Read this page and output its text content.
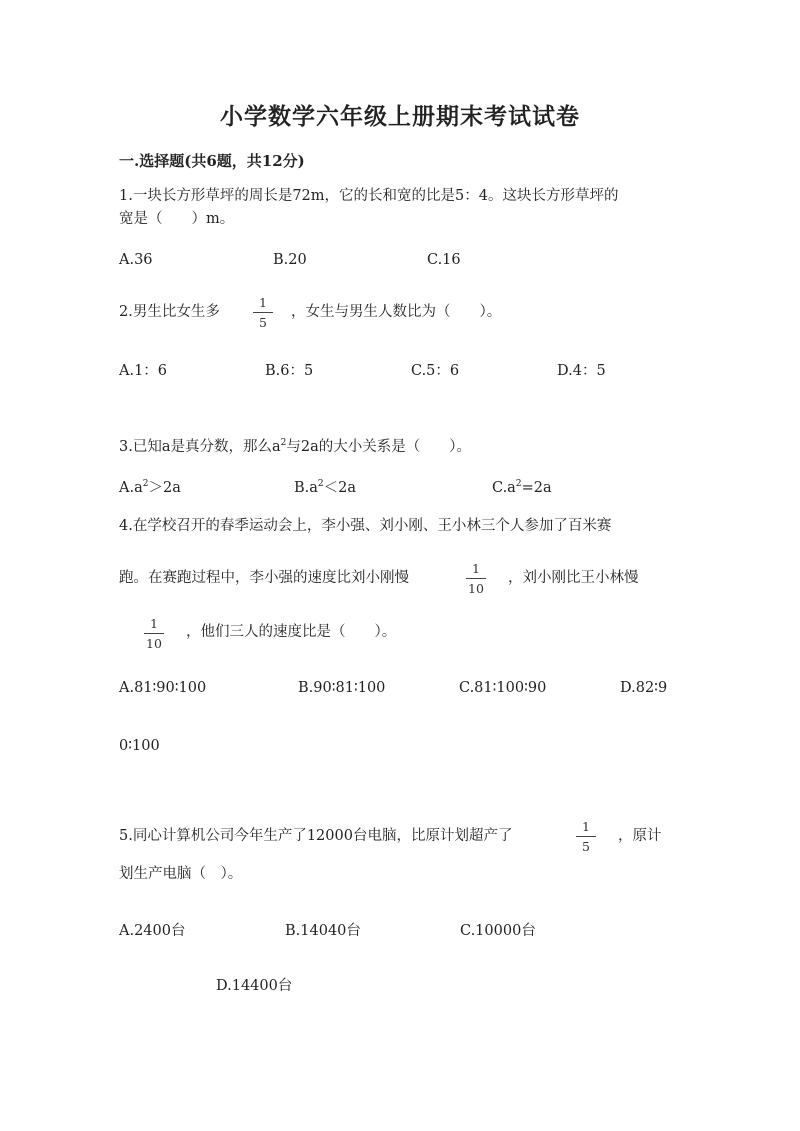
小学数学六年级上册期末考试试卷
一.选择题(共6题，共12分)
1.一块长方形草坪的周长是72m，它的长和宽的比是5：4。这块长方形草坪的
宽是（　　）m。
A.36	B.20	C.16
2.男生比女生多
1
5
，女生与男生人数比为（　　）。
A.1：6	B.6：5	C.5：6	D.4：5
3.已知a是真分数，那么$a^2$与2a的大小关系是（　　）。
$A.a^2>2a$	$B.a^2<2a$	$C.a^2=2a$
4.在学校召开的春季运动会上，李小强、刘小刚、王小林三个人参加了百米赛
跑。在赛跑过程中，李小强的速度比刘小刚慢
1
10
，刘小刚比王小林慢
1
10
，他们三人的速度比是（　　）。
A.81∶90∶100	B.90∶81∶100	C.81∶100∶90	D.82∶9
0∶100
5.同心计算机公司今年生产了12000台电脑，比原计划超产了
1
5
，原计
划生产电脑（　）。
A.2400台	B.14040台	C.10000台
D.14400台
